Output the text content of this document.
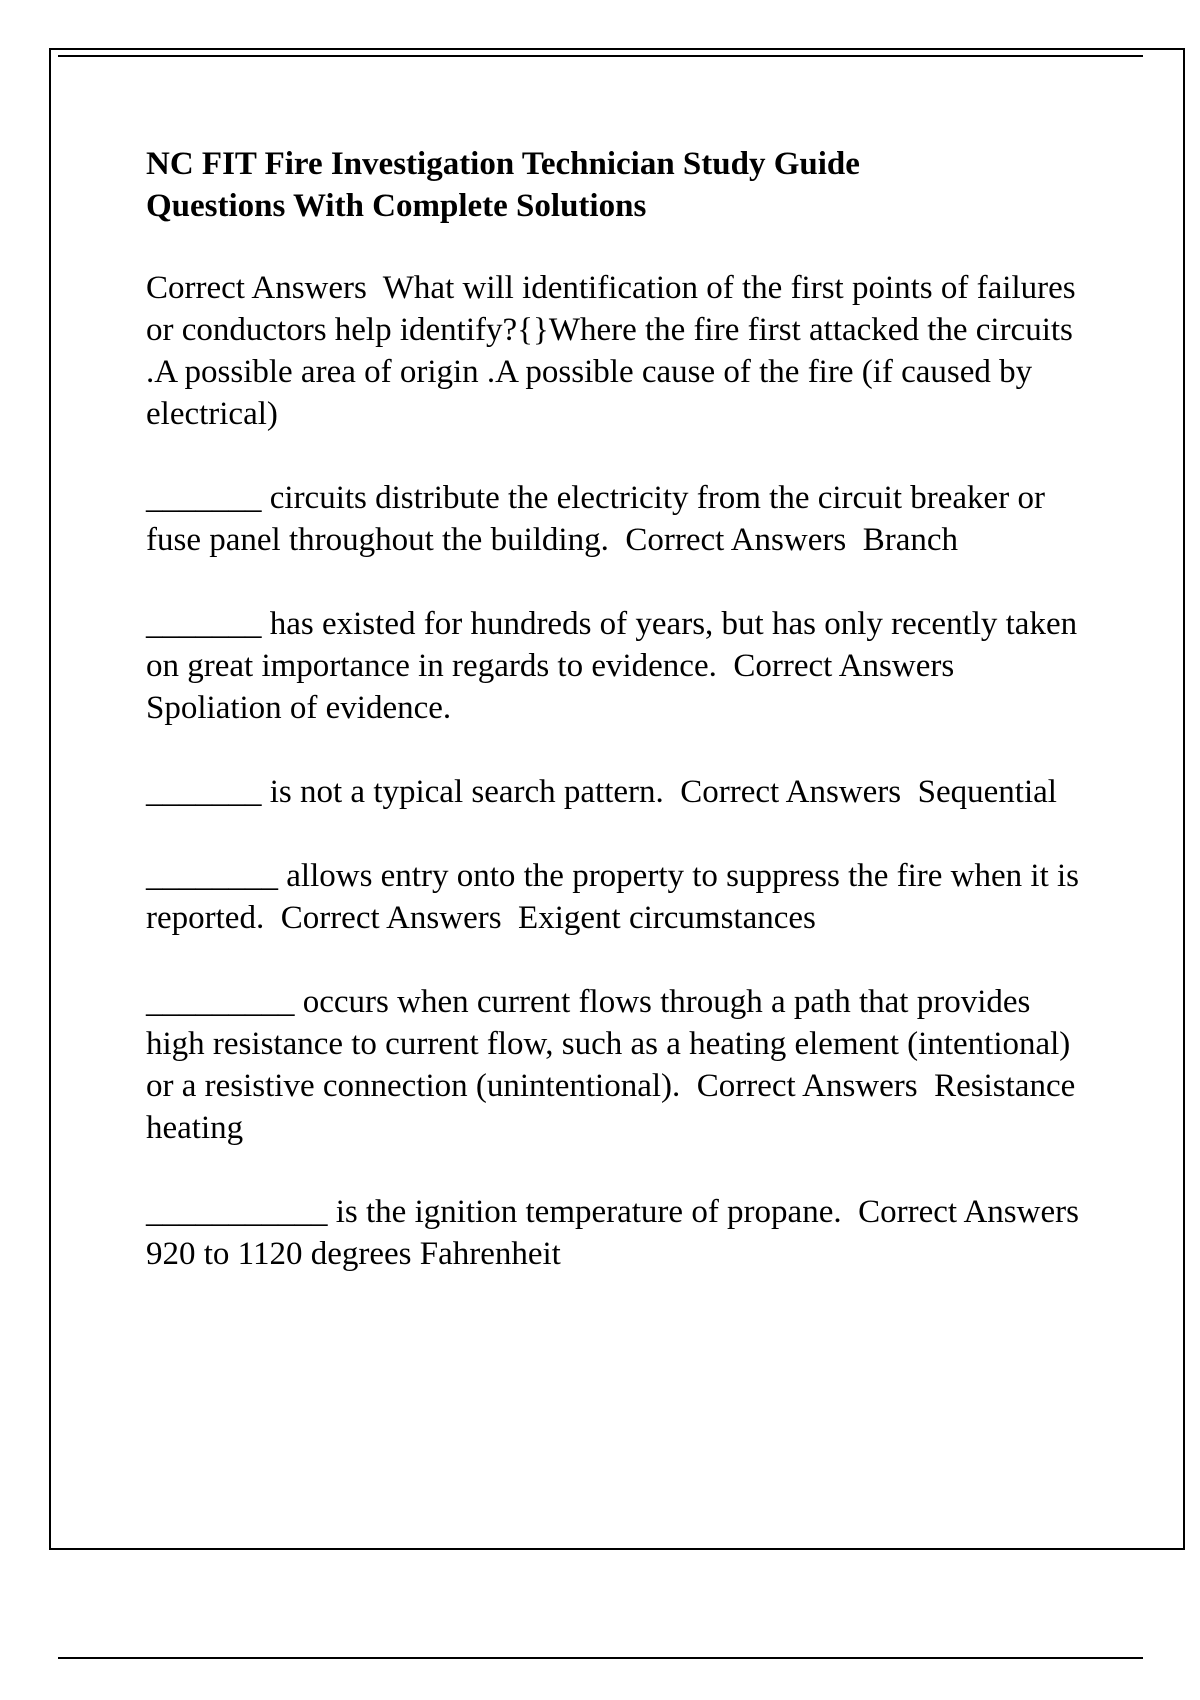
NC FIT Fire Investigation Technician Study Guide
Questions With Complete Solutions

Correct Answers  What will identification of the first points of failures or conductors help identify?{}Where the fire first attacked the circuits .A possible area of origin .A possible cause of the fire (if caused by electrical)

_______ circuits distribute the electricity from the circuit breaker or fuse panel throughout the building.  Correct Answers  Branch

_______ has existed for hundreds of years, but has only recently taken on great importance in regards to evidence.  Correct Answers  Spoliation of evidence.

_______ is not a typical search pattern.  Correct Answers  Sequential

________ allows entry onto the property to suppress the fire when it is reported.  Correct Answers  Exigent circumstances

_________ occurs when current flows through a path that provides high resistance to current flow, such as a heating element (intentional) or a resistive connection (unintentional).  Correct Answers  Resistance heating

___________ is the ignition temperature of propane.  Correct Answers  920 to 1120 degrees Fahrenheit
